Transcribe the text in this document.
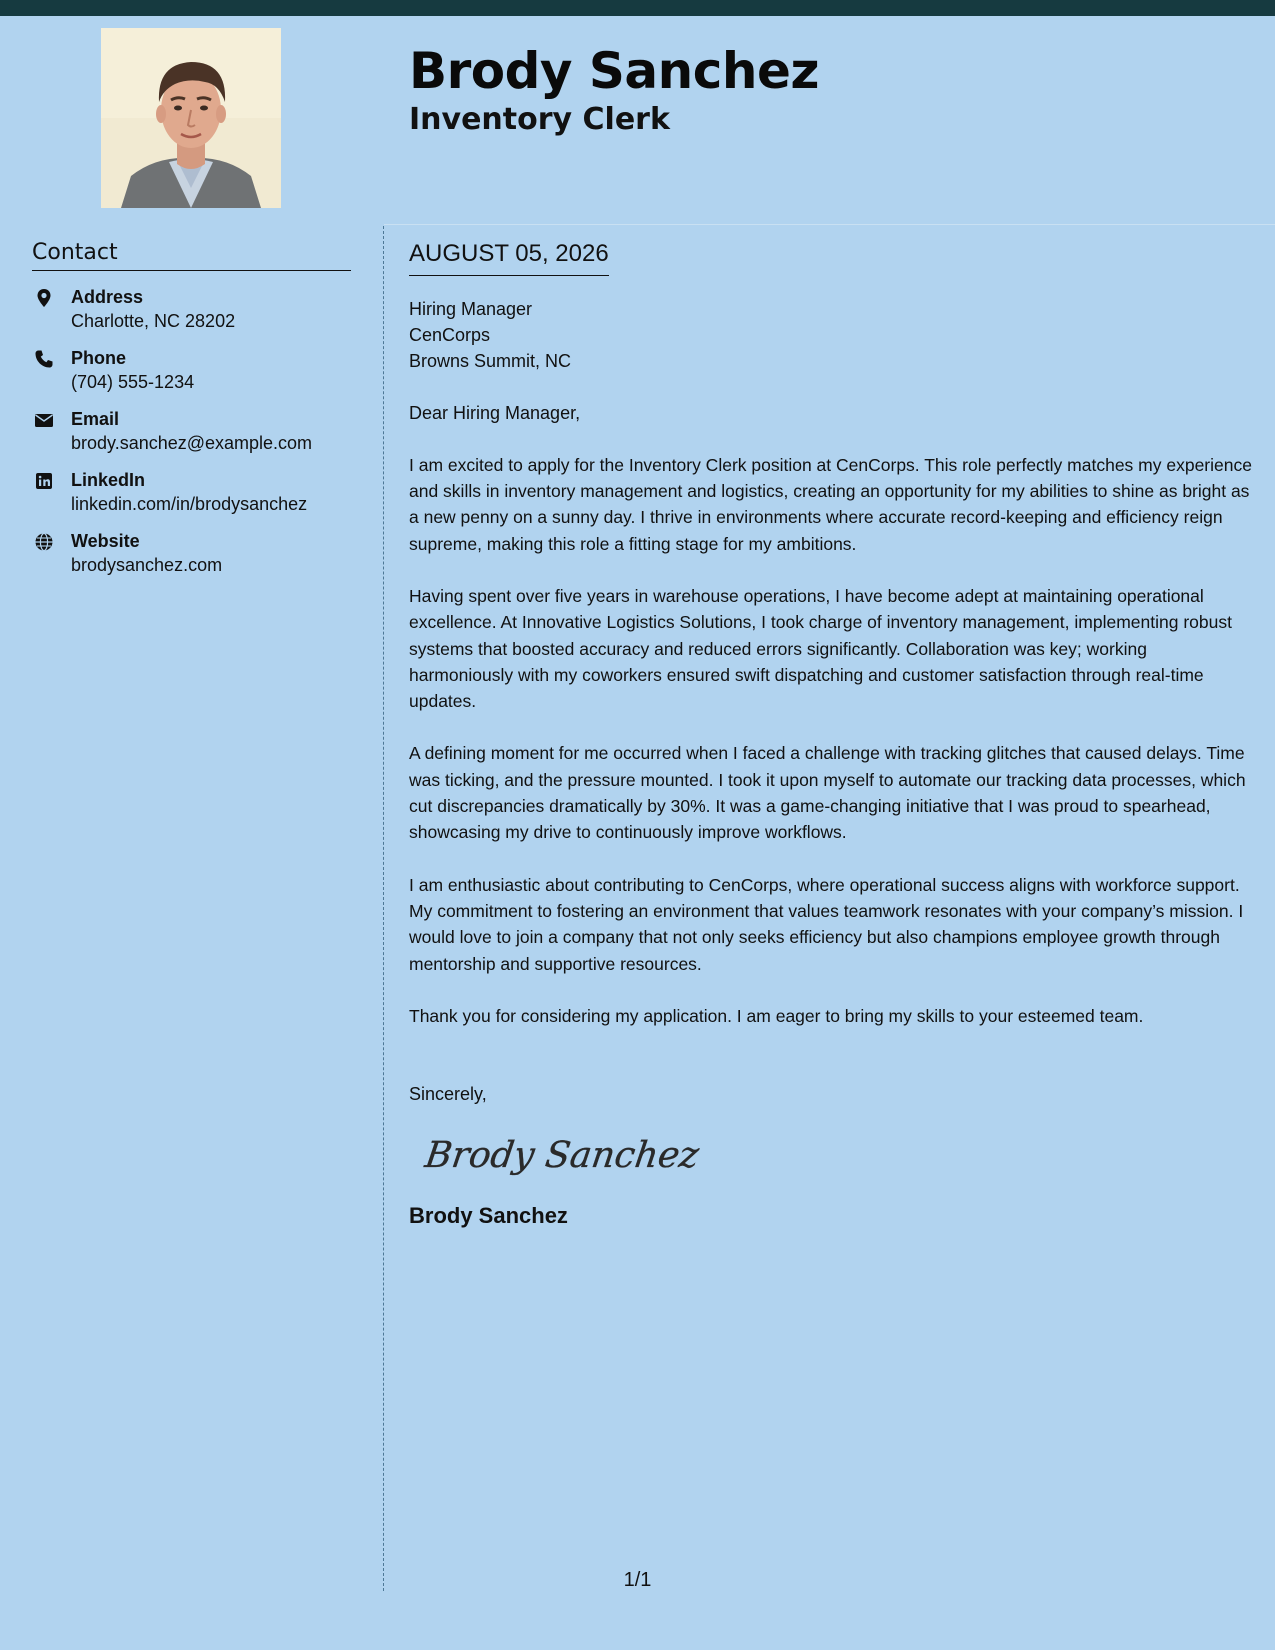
Brody Sanchez
Inventory Clerk
Contact
Address
Charlotte, NC 28202
Phone
(704) 555-1234
Email
brody.sanchez@example.com
LinkedIn
linkedin.com/in/brodysanchez
Website
brodysanchez.com
AUGUST 05, 2026
Hiring Manager
CenCorps
Browns Summit, NC

Dear Hiring Manager,

I am excited to apply for the Inventory Clerk position at CenCorps. This role perfectly matches my experience and skills in inventory management and logistics, creating an opportunity for my abilities to shine as bright as a new penny on a sunny day. I thrive in environments where accurate record-keeping and efficiency reign supreme, making this role a fitting stage for my ambitions.

Having spent over five years in warehouse operations, I have become adept at maintaining operational excellence. At Innovative Logistics Solutions, I took charge of inventory management, implementing robust systems that boosted accuracy and reduced errors significantly. Collaboration was key; working harmoniously with my coworkers ensured swift dispatching and customer satisfaction through real-time updates.

A defining moment for me occurred when I faced a challenge with tracking glitches that caused delays. Time was ticking, and the pressure mounted. I took it upon myself to automate our tracking data processes, which cut discrepancies dramatically by 30%. It was a game-changing initiative that I was proud to spearhead, showcasing my drive to continuously improve workflows.

I am enthusiastic about contributing to CenCorps, where operational success aligns with workforce support. My commitment to fostering an environment that values teamwork resonates with your company’s mission. I would love to join a company that not only seeks efficiency but also champions employee growth through mentorship and supportive resources.

Thank you for considering my application. I am eager to bring my skills to your esteemed team.

Sincerely,

Brody Sanchez

Brody Sanchez

1/1
